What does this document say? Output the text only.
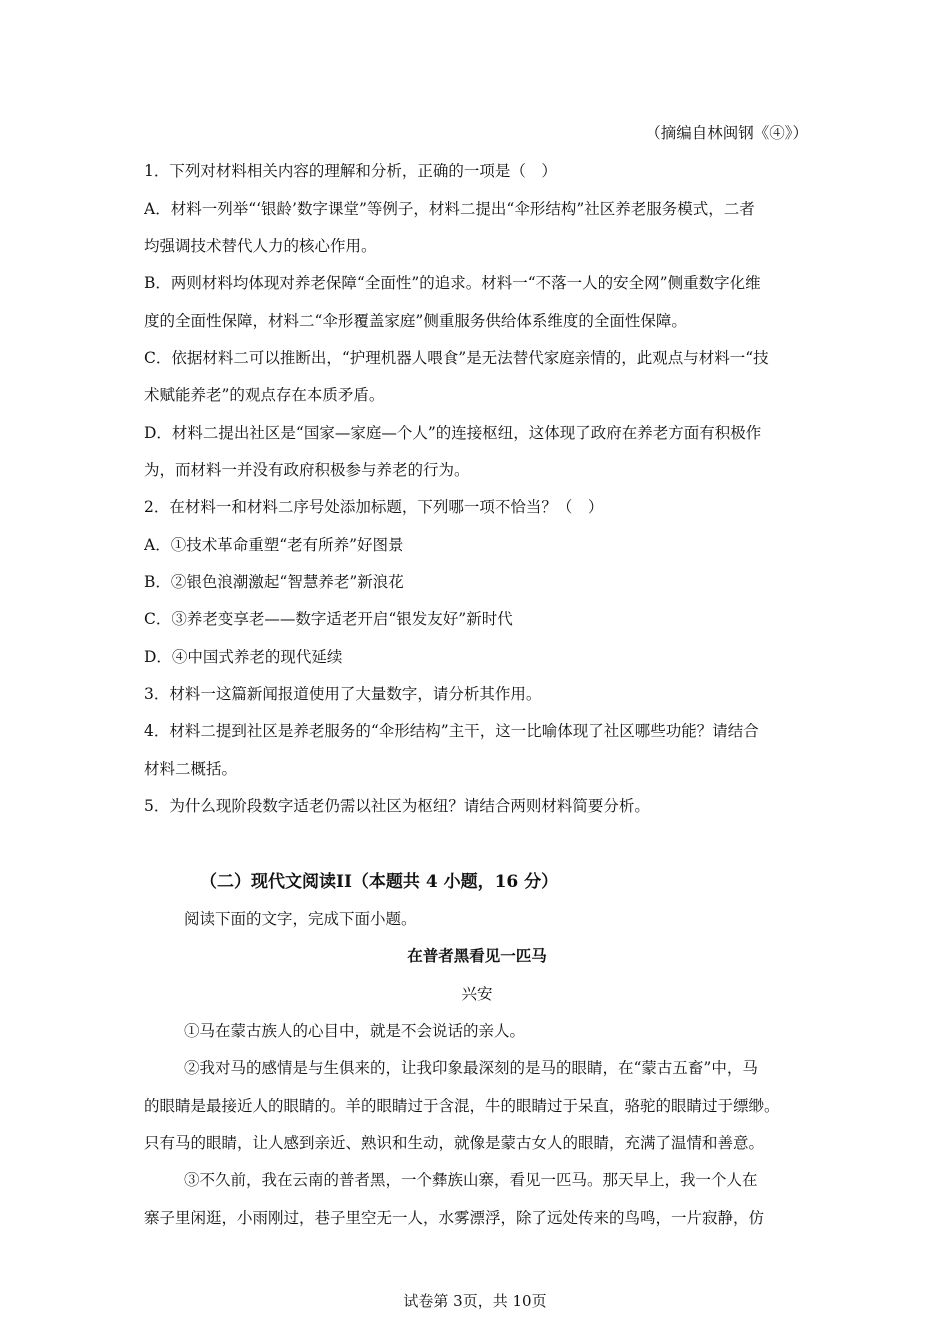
（摘编自林闽钢《④》）
1．下列对材料相关内容的理解和分析，正确的一项是（　）
A．材料一列举“‘银龄’数字课堂”等例子，材料二提出“伞形结构”社区养老服务模式，二者
均强调技术替代人力的核心作用。
B．两则材料均体现对养老保障“全面性”的追求。材料一“不落一人的安全网”侧重数字化维
度的全面性保障，材料二“伞形覆盖家庭”侧重服务供给体系维度的全面性保障。
C．依据材料二可以推断出，“护理机器人喂食”是无法替代家庭亲情的，此观点与材料一“技
术赋能养老”的观点存在本质矛盾。
D．材料二提出社区是“国家—家庭—个人”的连接枢纽，这体现了政府在养老方面有积极作
为，而材料一并没有政府积极参与养老的行为。
2．在材料一和材料二序号处添加标题，下列哪一项不恰当？（　）
A．①技术革命重塑“老有所养”好图景
B．②银色浪潮激起“智慧养老”新浪花
C．③养老变享老——数字适老开启“银发友好”新时代
D．④中国式养老的现代延续
3．材料一这篇新闻报道使用了大量数字，请分析其作用。
4．材料二提到社区是养老服务的“伞形结构”主干，这一比喻体现了社区哪些功能？请结合
材料二概括。
5．为什么现阶段数字适老仍需以社区为枢纽？请结合两则材料简要分析。
（二）现代文阅读II（本题共 4 小题，16 分）
阅读下面的文字，完成下面小题。
在普者黑看见一匹马
兴安
①马在蒙古族人的心目中，就是不会说话的亲人。
②我对马的感情是与生俱来的，让我印象最深刻的是马的眼睛，在“蒙古五畜”中，马
的眼睛是最接近人的眼睛的。羊的眼睛过于含混，牛的眼睛过于呆直，骆驼的眼睛过于缥缈。
只有马的眼睛，让人感到亲近、熟识和生动，就像是蒙古女人的眼睛，充满了温情和善意。
③不久前，我在云南的普者黑，一个彝族山寨，看见一匹马。那天早上，我一个人在
寨子里闲逛，小雨刚过，巷子里空无一人，水雾漂浮，除了远处传来的鸟鸣，一片寂静，仿
试卷第 3页，共 10页
